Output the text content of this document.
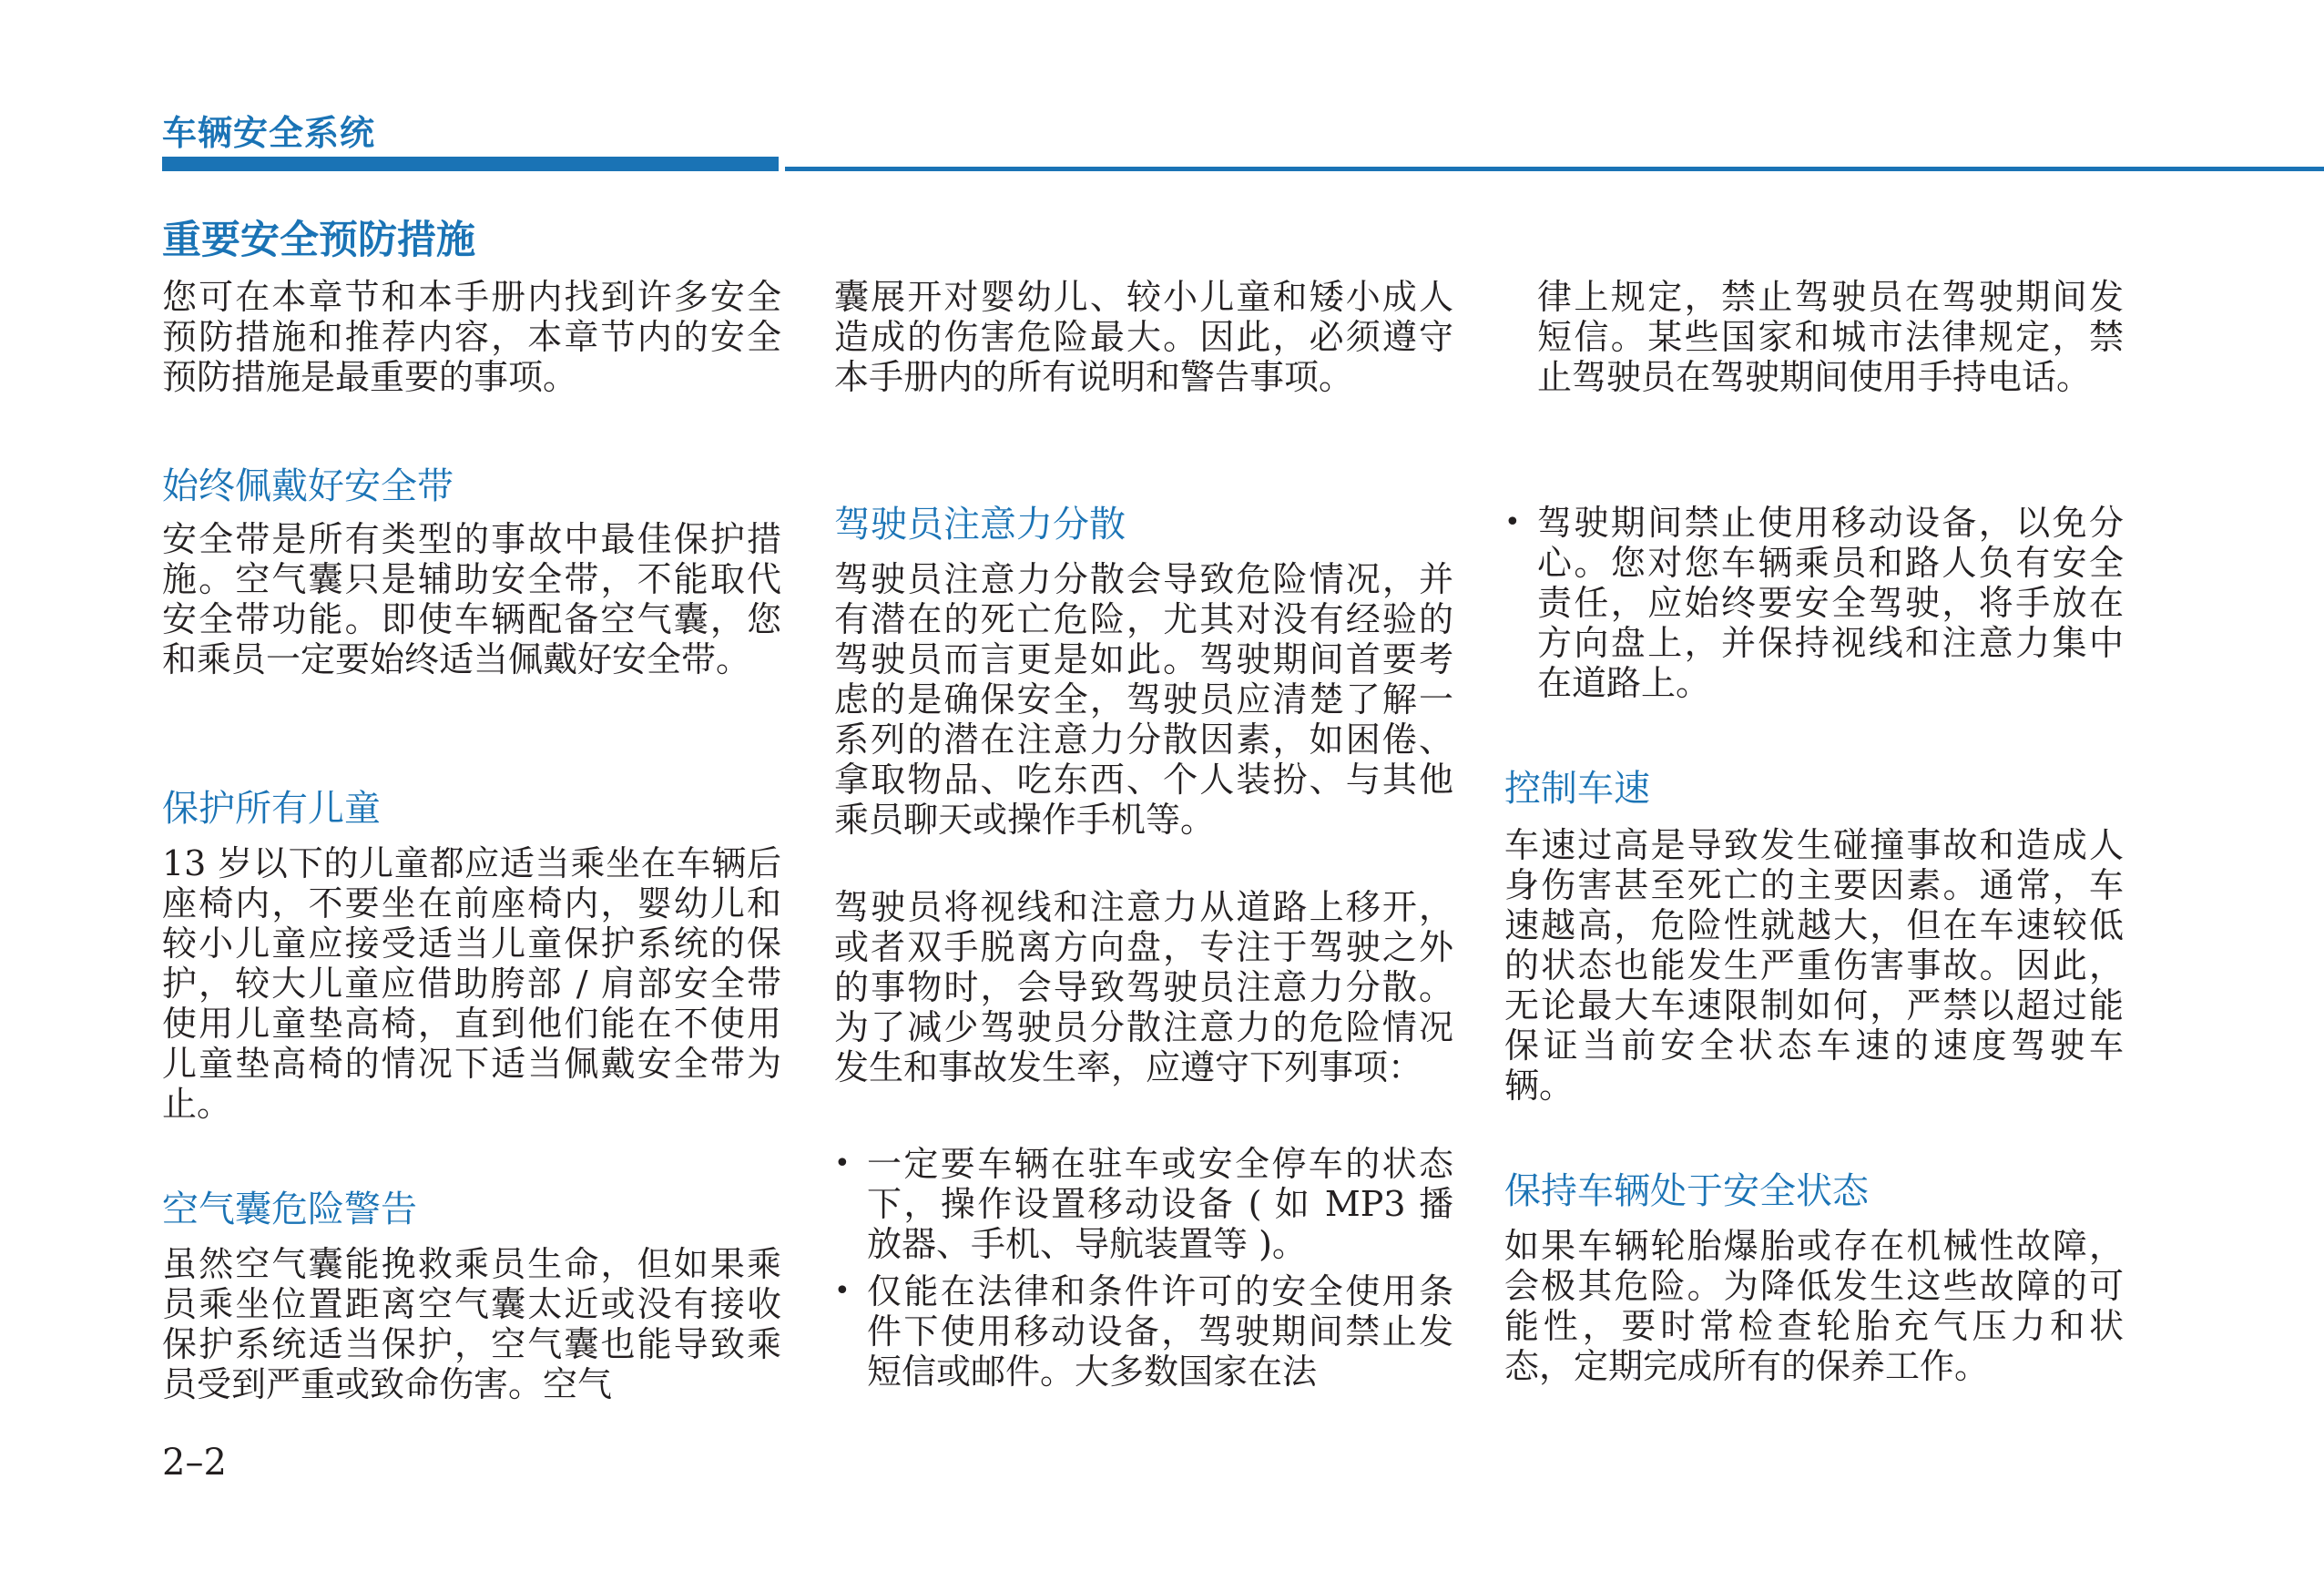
车辆安全系统
重要安全预防措施
您可在本章节和本手册内找到许多安全预防措施和推荐内容，本章节内的安全预防措施是最重要的事项。
始终佩戴好安全带
安全带是所有类型的事故中最佳保护措施。空气囊只是辅助安全带，不能取代安全带功能。即使车辆配备空气囊，您和乘员一定要始终适当佩戴好安全带。
保护所有儿童
13 岁以下的儿童都应适当乘坐在车辆后座椅内，不要坐在前座椅内，婴幼儿和较小儿童应接受适当儿童保护系统的保护，较大儿童应借助胯部 / 肩部安全带使用儿童垫高椅，直到他们能在不使用儿童垫高椅的情况下适当佩戴安全带为止。
空气囊危险警告
虽然空气囊能挽救乘员生命，但如果乘员乘坐位置距离空气囊太近或没有接收保护系统适当保护，空气囊也能导致乘员受到严重或致命伤害。空气
囊展开对婴幼儿、较小儿童和矮小成人造成的伤害危险最大。因此，必须遵守本手册内的所有说明和警告事项。
驾驶员注意力分散
驾驶员注意力分散会导致危险情况，并有潜在的死亡危险，尤其对没有经验的驾驶员而言更是如此。驾驶期间首要考虑的是确保安全，驾驶员应清楚了解一系列的潜在注意力分散因素，如困倦、拿取物品、吃东西、个人装扮、与其他乘员聊天或操作手机等。
驾驶员将视线和注意力从道路上移开，或者双手脱离方向盘，专注于驾驶之外的事物时，会导致驾驶员注意力分散。为了减少驾驶员分散注意力的危险情况发生和事故发生率，应遵守下列事项：
• 一定要车辆在驻车或安全停车的状态下，操作设置移动设备 ( 如 MP3 播放器、手机、导航装置等 )。
• 仅能在法律和条件许可的安全使用条件下使用移动设备，驾驶期间禁止发短信或邮件。大多数国家在法
律上规定，禁止驾驶员在驾驶期间发短信。某些国家和城市法律规定，禁止驾驶员在驾驶期间使用手持电话。
• 驾驶期间禁止使用移动设备，以免分心。您对您车辆乘员和路人负有安全责任，应始终要安全驾驶，将手放在方向盘上，并保持视线和注意力集中在道路上。
控制车速
车速过高是导致发生碰撞事故和造成人身伤害甚至死亡的主要因素。通常，车速越高，危险性就越大，但在车速较低的状态也能发生严重伤害事故。因此，无论最大车速限制如何，严禁以超过能保证当前安全状态车速的速度驾驶车辆。
保持车辆处于安全状态
如果车辆轮胎爆胎或存在机械性故障，会极其危险。为降低发生这些故障的可能性，要时常检查轮胎充气压力和状态，定期完成所有的保养工作。
2–2
